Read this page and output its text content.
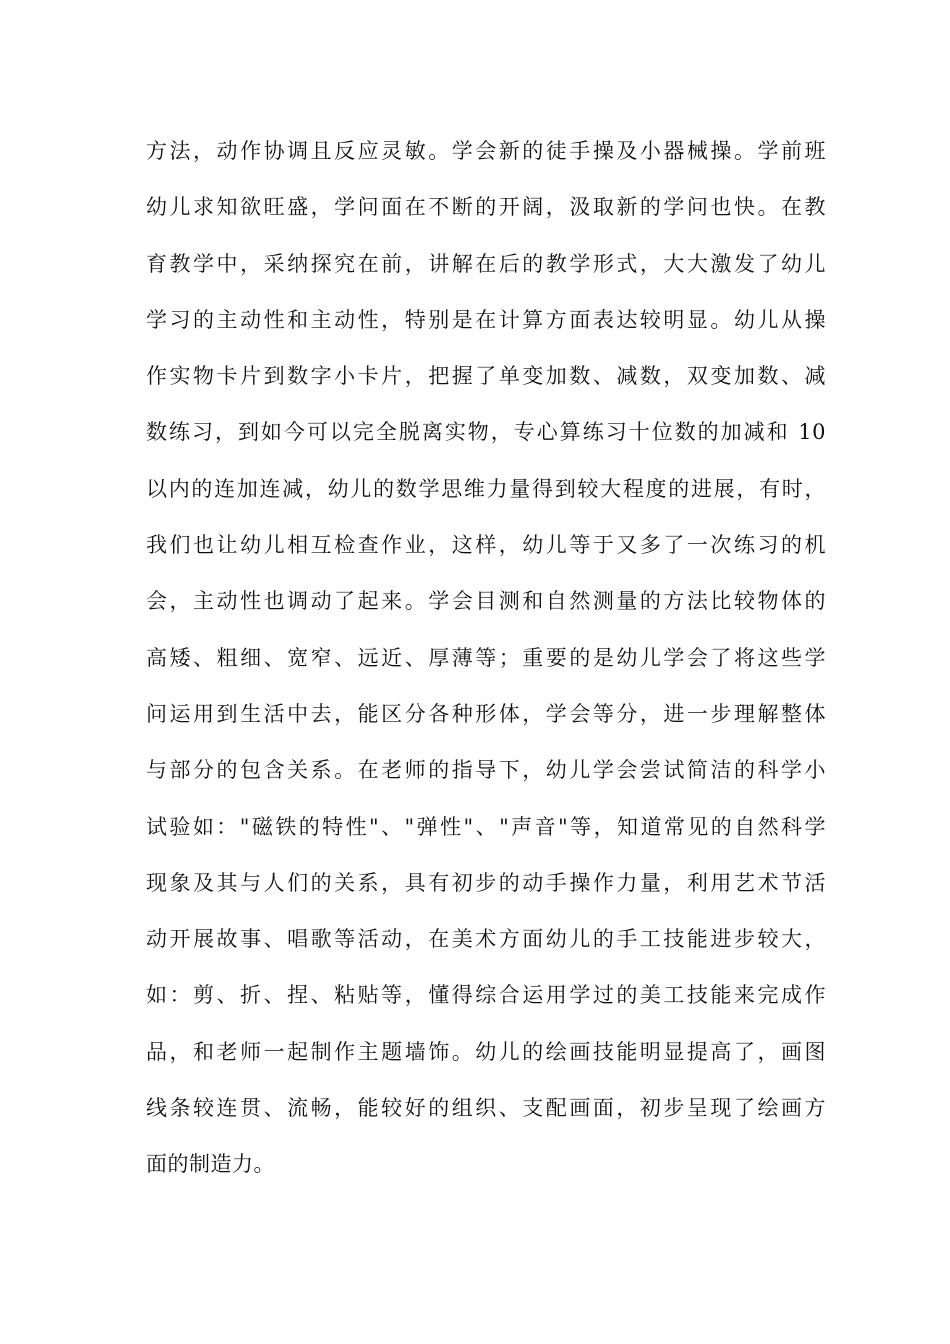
方法，动作协调且反应灵敏。学会新的徒手操及小器械操。学前班
幼儿求知欲旺盛，学问面在不断的开阔，汲取新的学问也快。在教
育教学中，采纳探究在前，讲解在后的教学形式，大大激发了幼儿
学习的主动性和主动性，特别是在计算方面表达较明显。幼儿从操
作实物卡片到数字小卡片，把握了单变加数、减数，双变加数、减
数练习，到如今可以完全脱离实物，专心算练习十位数的加减和 10
以内的连加连减，幼儿的数学思维力量得到较大程度的进展，有时，
我们也让幼儿相互检查作业，这样，幼儿等于又多了一次练习的机
会，主动性也调动了起来。学会目测和自然测量的方法比较物体的
高矮、粗细、宽窄、远近、厚薄等；重要的是幼儿学会了将这些学
问运用到生活中去，能区分各种形体，学会等分，进一步理解整体
与部分的包含关系。在老师的指导下，幼儿学会尝试简洁的科学小
试验如："磁铁的特性"、"弹性"、"声音"等，知道常见的自然科学
现象及其与人们的关系，具有初步的动手操作力量，利用艺术节活
动开展故事、唱歌等活动，在美术方面幼儿的手工技能进步较大，
如：剪、折、捏、粘贴等，懂得综合运用学过的美工技能来完成作
品，和老师一起制作主题墙饰。幼儿的绘画技能明显提高了，画图
线条较连贯、流畅，能较好的组织、支配画面，初步呈现了绘画方
面的制造力。
